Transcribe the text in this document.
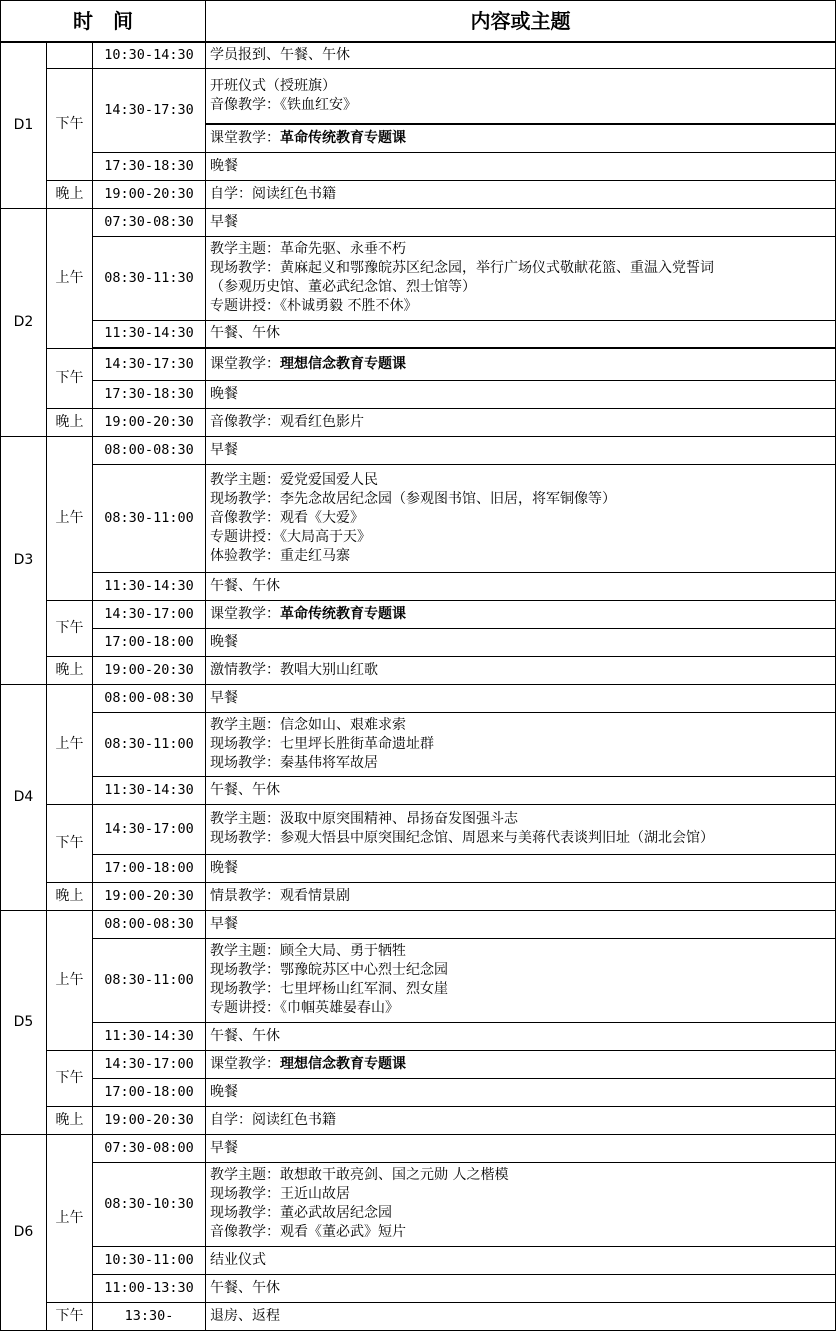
时　间			内容或主题
D1		10:30-14:30	学员报到、午餐、午休

	下午	14:30-17:30	开班仪式（授班旗）
音像教学：《铁血红安》

			课堂教学：革命传统教育专题课

		17:30-18:30	晚餐

	晚上	19:00-20:30	自学：阅读红色书籍

D2	上午	07:30-08:30	早餐

		08:30-11:30	教学主题：革命先驱、永垂不朽
现场教学：黄麻起义和鄂豫皖苏区纪念园，举行广场仪式敬献花篮、重温入党誓词
（参观历史馆、董必武纪念馆、烈士馆等）
专题讲授：《朴诚勇毅 不胜不休》

		11:30-14:30	午餐、午休

	下午	14:30-17:30	课堂教学：理想信念教育专题课

		17:30-18:30	晚餐

	晚上	19:00-20:30	音像教学：观看红色影片

D3	上午	08:00-08:30	早餐

		08:30-11:00	教学主题：爱党爱国爱人民
现场教学：李先念故居纪念园（参观图书馆、旧居，将军铜像等）
音像教学：观看《大爱》
专题讲授：《大局高于天》
体验教学：重走红马寨

		11:30-14:30	午餐、午休

	下午	14:30-17:00	课堂教学：革命传统教育专题课

		17:00-18:00	晚餐

	晚上	19:00-20:30	激情教学：教唱大别山红歌

D4	上午	08:00-08:30	早餐

		08:30-11:00	教学主题：信念如山、艰难求索
现场教学：七里坪长胜街革命遗址群
现场教学：秦基伟将军故居

		11:30-14:30	午餐、午休

	下午	14:30-17:00	教学主题：汲取中原突围精神、昂扬奋发图强斗志
现场教学：参观大悟县中原突围纪念馆、周恩来与美蒋代表谈判旧址（湖北会馆）

		17:00-18:00	晚餐

	晚上	19:00-20:30	情景教学：观看情景剧

D5	上午	08:00-08:30	早餐

		08:30-11:00	教学主题：顾全大局、勇于牺牲
现场教学：鄂豫皖苏区中心烈士纪念园
现场教学：七里坪杨山红军洞、烈女崖
专题讲授：《巾帼英雄晏春山》

		11:30-14:30	午餐、午休

	下午	14:30-17:00	课堂教学：理想信念教育专题课

		17:00-18:00	晚餐

	晚上	19:00-20:30	自学：阅读红色书籍

D6	上午	07:30-08:00	早餐

		08:30-10:30	教学主题：敢想敢干敢亮剑、国之元勋 人之楷模
现场教学：王近山故居
现场教学：董必武故居纪念园
音像教学：观看《董必武》短片

		10:30-11:00	结业仪式

		11:00-13:30	午餐、午休

	下午	13:30-	退房、返程
